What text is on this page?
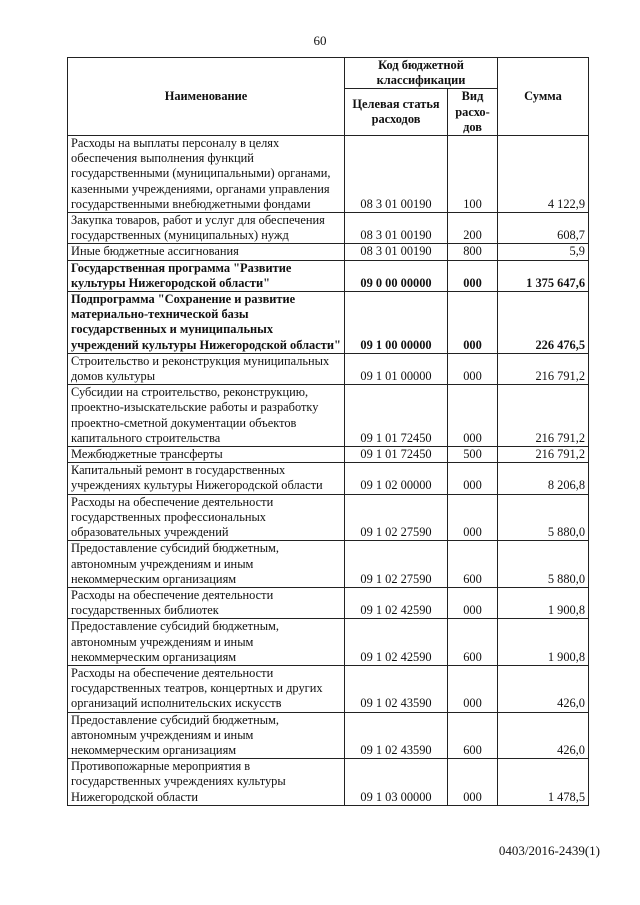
60
Наименование	Код бюджетной классификации		Сумма
	Целевая статья расходов	Вид расхо-дов	
Расходы на выплаты персоналу в целях обеспечения выполнения функций государственными (муниципальными) органами, казенными учреждениями, органами управления государственными внебюджетными фондами	08 3 01 00190	100	4 122,9
Закупка товаров, работ и услуг для обеспечения государственных (муниципальных) нужд	08 3 01 00190	200	608,7
Иные бюджетные ассигнования	08 3 01 00190	800	5,9
Государственная программа "Развитие культуры Нижегородской области"	09 0 00 00000	000	1 375 647,6
Подпрограмма "Сохранение и развитие материально-технической базы государственных и муниципальных учреждений культуры Нижегородской области"	09 1 00 00000	000	226 476,5
Строительство и реконструкция муниципальных домов культуры	09 1 01 00000	000	216 791,2
Субсидии на строительство, реконструкцию, проектно-изыскательские работы и разработку проектно-сметной документации объектов капитального строительства	09 1 01 72450	000	216 791,2
Межбюджетные трансферты	09 1 01 72450	500	216 791,2
Капитальный ремонт в государственных учреждениях культуры Нижегородской области	09 1 02 00000	000	8 206,8
Расходы на обеспечение деятельности государственных профессиональных образовательных учреждений	09 1 02 27590	000	5 880,0
Предоставление субсидий бюджетным, автономным учреждениям и иным некоммерческим организациям	09 1 02 27590	600	5 880,0
Расходы на обеспечение деятельности государственных библиотек	09 1 02 42590	000	1 900,8
Предоставление субсидий бюджетным, автономным учреждениям и иным некоммерческим организациям	09 1 02 42590	600	1 900,8
Расходы на обеспечение деятельности государственных театров, концертных и других организаций исполнительских искусств	09 1 02 43590	000	426,0
Предоставление субсидий бюджетным, автономным учреждениям и иным некоммерческим организациям	09 1 02 43590	600	426,0
Противопожарные мероприятия в государственных учреждениях культуры Нижегородской области	09 1 03 00000	000	1 478,5
0403/2016-2439(1)
